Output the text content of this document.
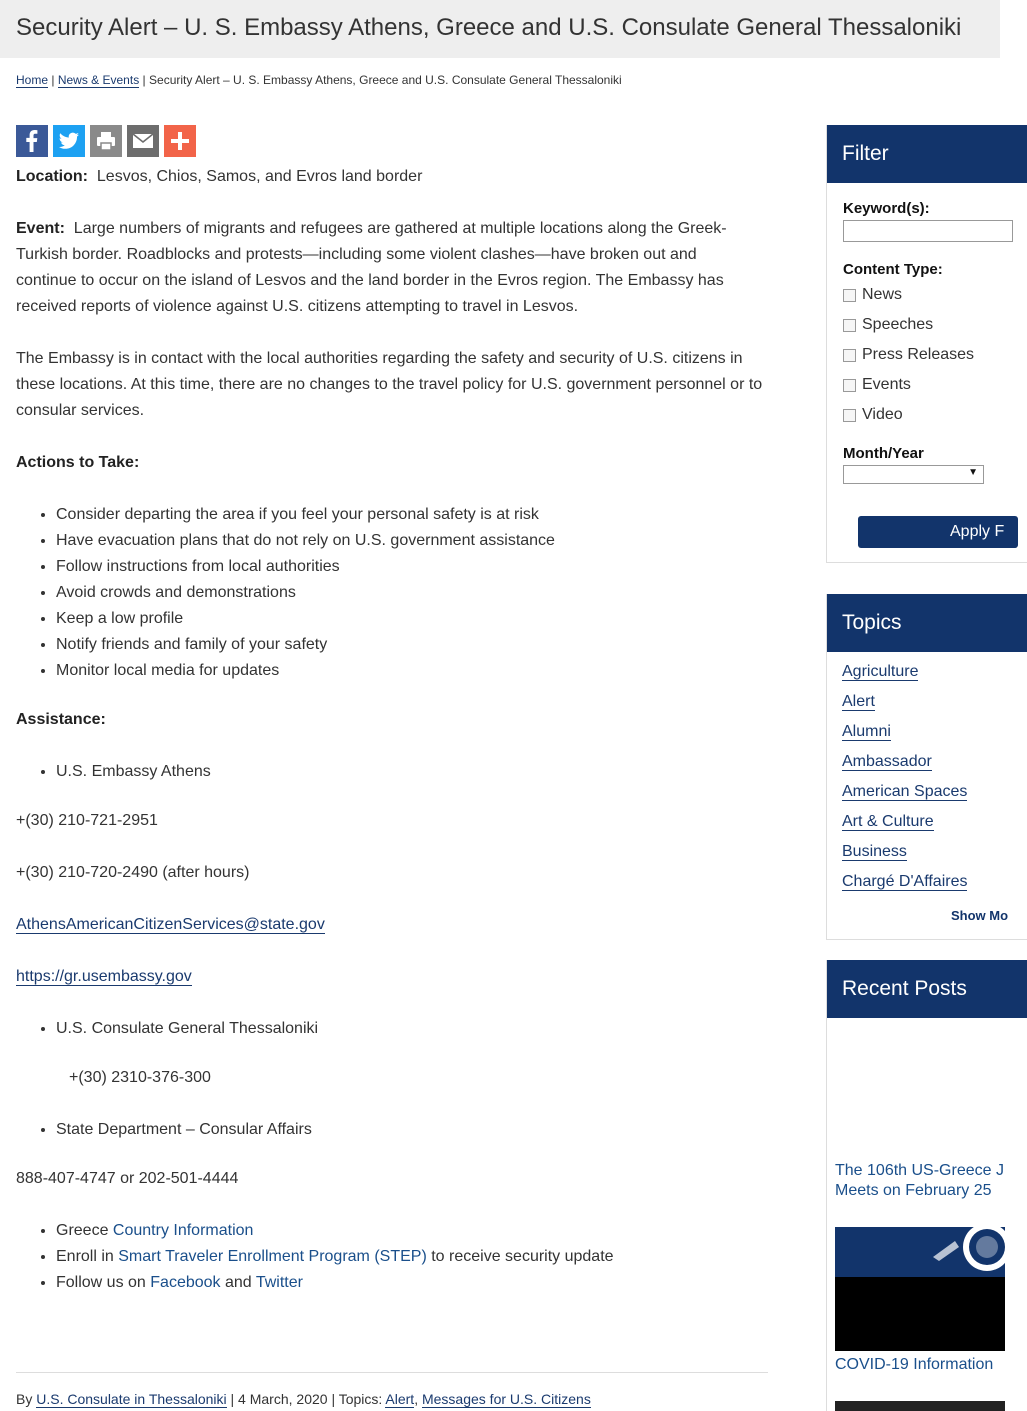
Security Alert – U. S. Embassy Athens, Greece and U.S. Consulate General Thessaloniki
Home | News & Events | Security Alert – U. S. Embassy Athens, Greece and U.S. Consulate General Thessaloniki
Location: Lesvos, Chios, Samos, and Evros land border
Event: Large numbers of migrants and refugees are gathered at multiple locations along the Greek-
Turkish border. Roadblocks and protests—including some violent clashes—have broken out and
continue to occur on the island of Lesvos and the land border in the Evros region. The Embassy has
received reports of violence against U.S. citizens attempting to travel in Lesvos.
The Embassy is in contact with the local authorities regarding the safety and security of U.S. citizens in
these locations. At this time, there are no changes to the travel policy for U.S. government personnel or to
consular services.
Actions to Take:
• Consider departing the area if you feel your personal safety is at risk
• Have evacuation plans that do not rely on U.S. government assistance
• Follow instructions from local authorities
• Avoid crowds and demonstrations
• Keep a low profile
• Notify friends and family of your safety
• Monitor local media for updates
Assistance:
• U.S. Embassy Athens
+(30) 210-721-2951
+(30) 210-720-2490 (after hours)
AthensAmericanCitizenServices@state.gov
https://gr.usembassy.gov
• U.S. Consulate General Thessaloniki
+(30) 2310-376-300
• State Department – Consular Affairs
888-407-4747 or 202-501-4444
• Greece Country Information
• Enroll in Smart Traveler Enrollment Program (STEP) to receive security update
• Follow us on Facebook and Twitter
By U.S. Consulate in Thessaloniki | 4 March, 2020 | Topics: Alert, Messages for U.S. Citizens
Filter
Keyword(s):
Content Type:
News
Speeches
Press Releases
Events
Video
Month/Year
▼
Apply F
Topics
Agriculture
Alert
Alumni
Ambassador
American Spaces
Art & Culture
Business
Chargé D'Affaires
Show Mo
Recent Posts
The 106th US-Greece J
Meets on February 25
COVID-19 Information
